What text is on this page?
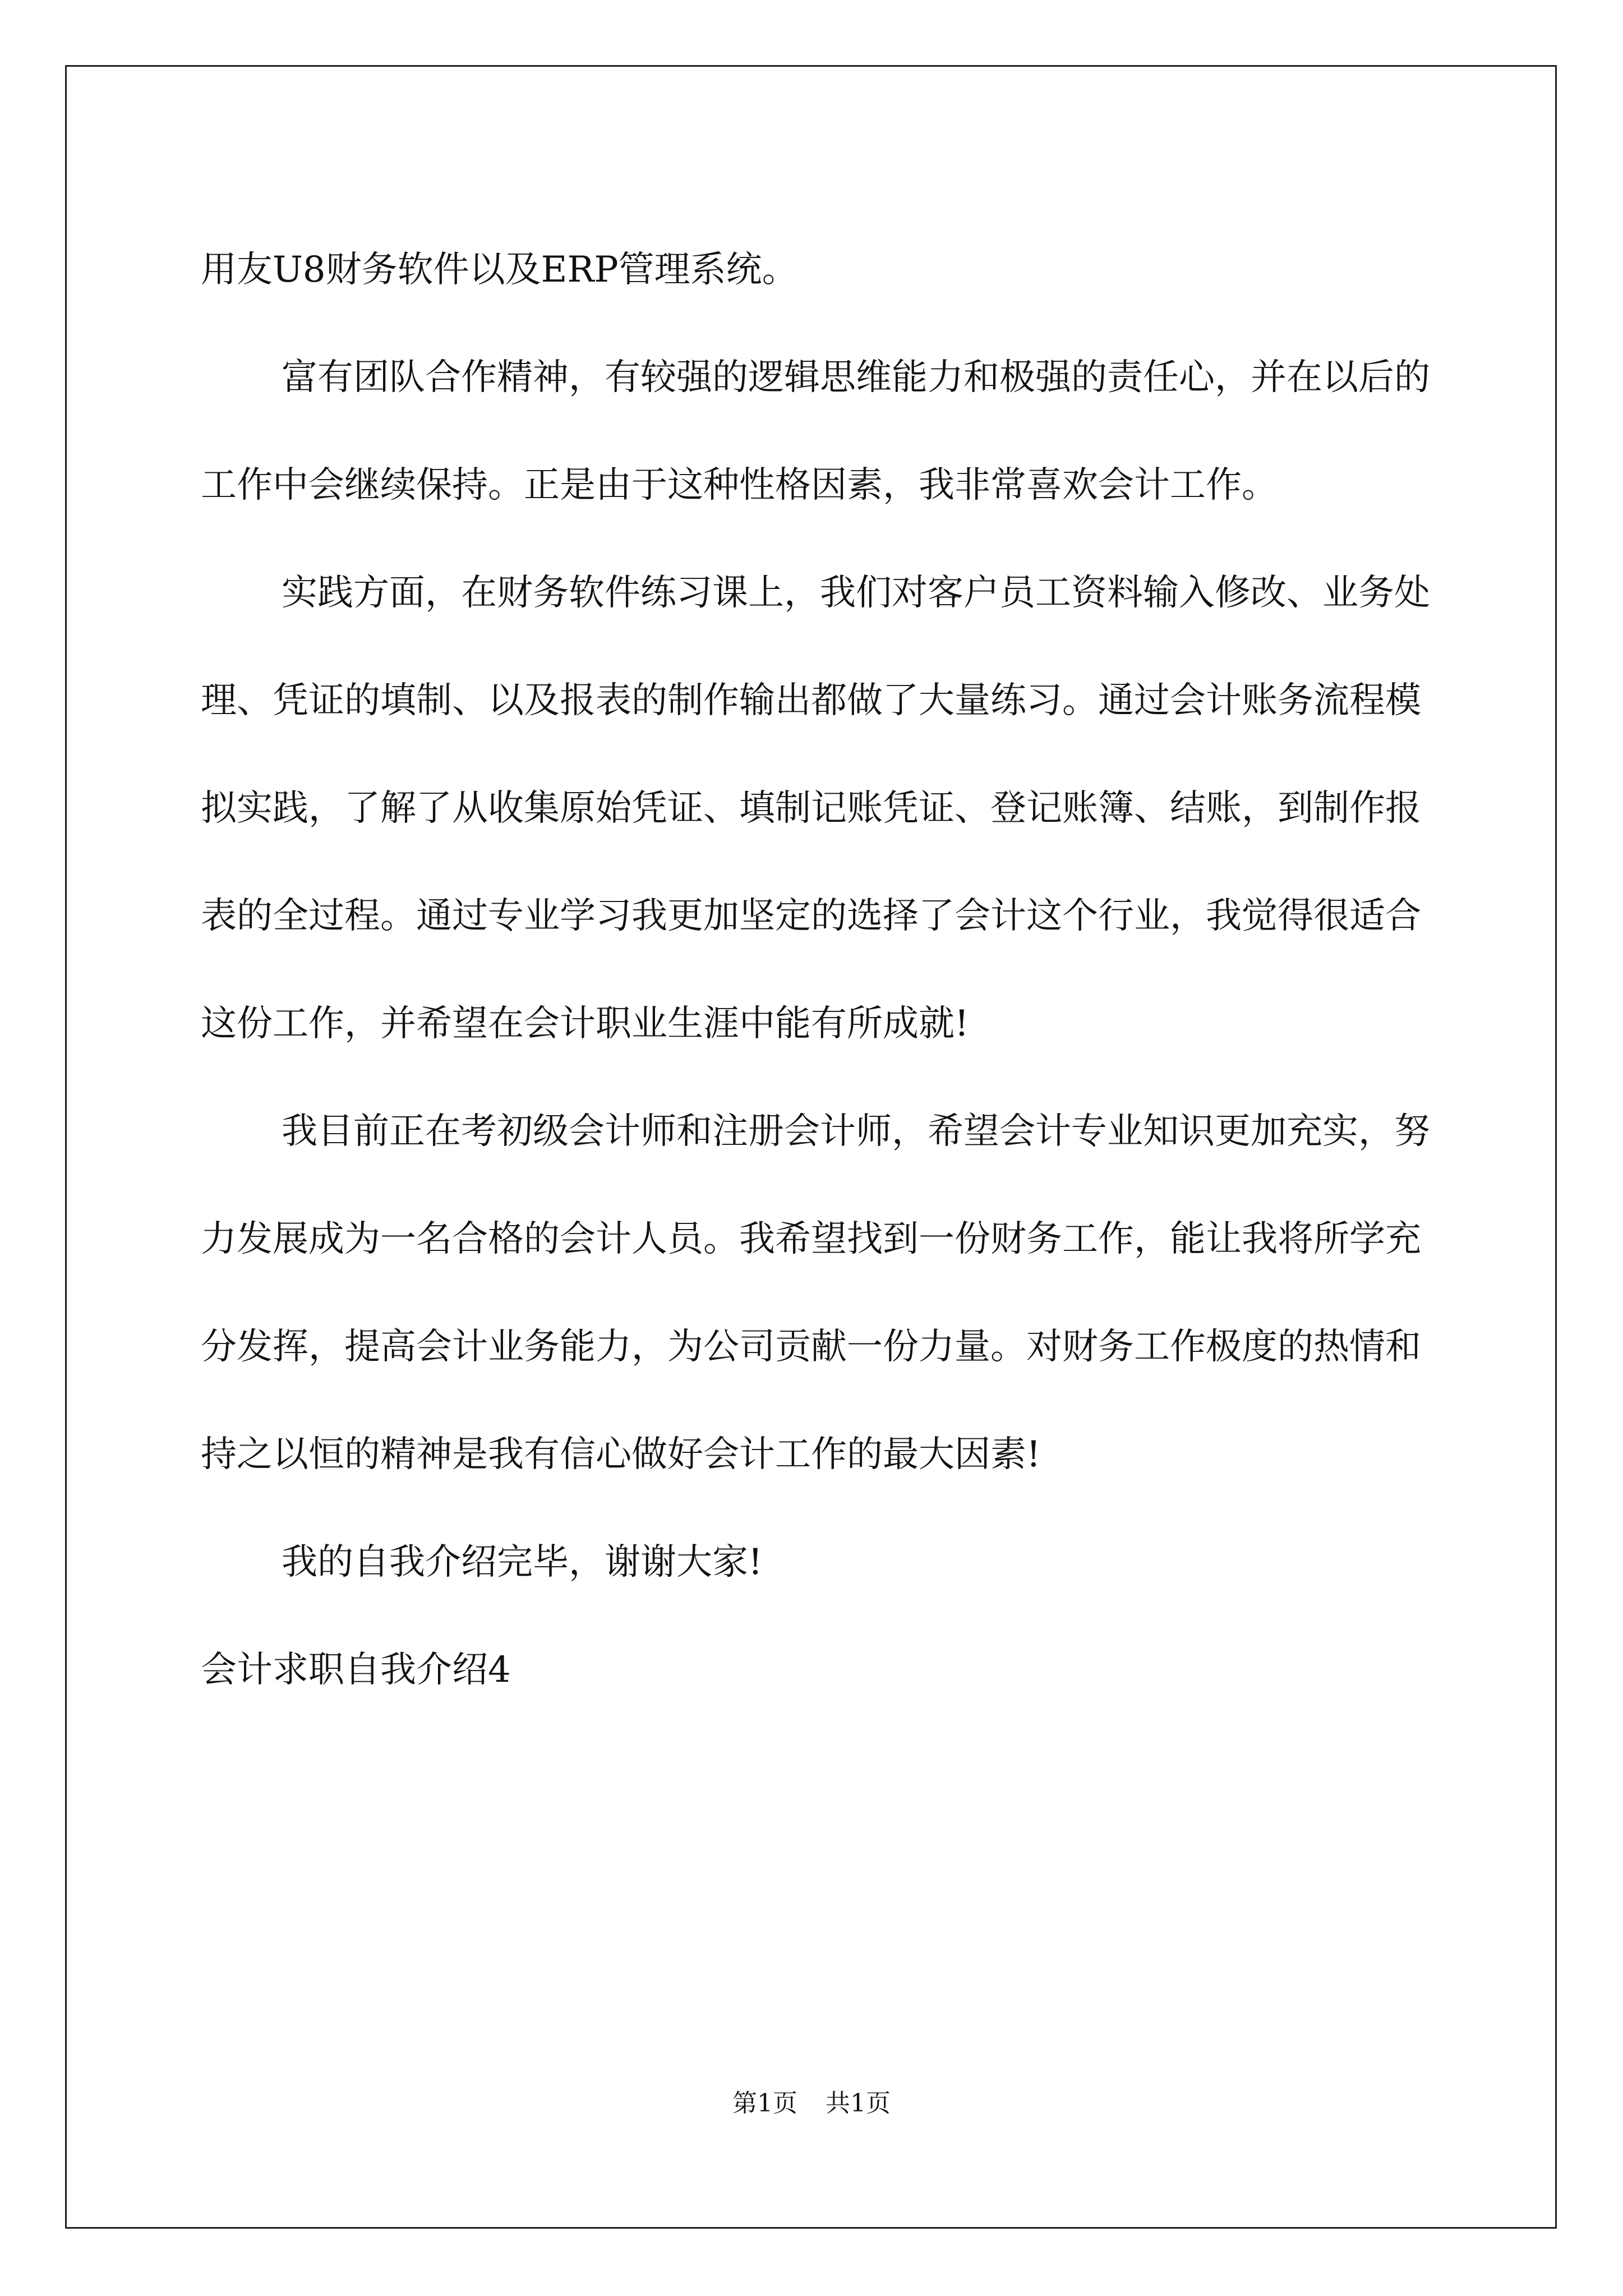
用友U8财务软件以及ERP管理系统。

富有团队合作精神，有较强的逻辑思维能力和极强的责任心，并在以后的工作中会继续保持。正是由于这种性格因素，我非常喜欢会计工作。

实践方面，在财务软件练习课上，我们对客户员工资料输入修改、业务处理、凭证的填制、以及报表的制作输出都做了大量练习。通过会计账务流程模拟实践，了解了从收集原始凭证、填制记账凭证、登记账簿、结账，到制作报表的全过程。通过专业学习我更加坚定的选择了会计这个行业，我觉得很适合这份工作，并希望在会计职业生涯中能有所成就!

我目前正在考初级会计师和注册会计师，希望会计专业知识更加充实，努力发展成为一名合格的会计人员。我希望找到一份财务工作，能让我将所学充分发挥，提高会计业务能力，为公司贡献一份力量。对财务工作极度的热情和持之以恒的精神是我有信心做好会计工作的最大因素!

我的自我介绍完毕，谢谢大家!

会计求职自我介绍4

第1页 共1页
